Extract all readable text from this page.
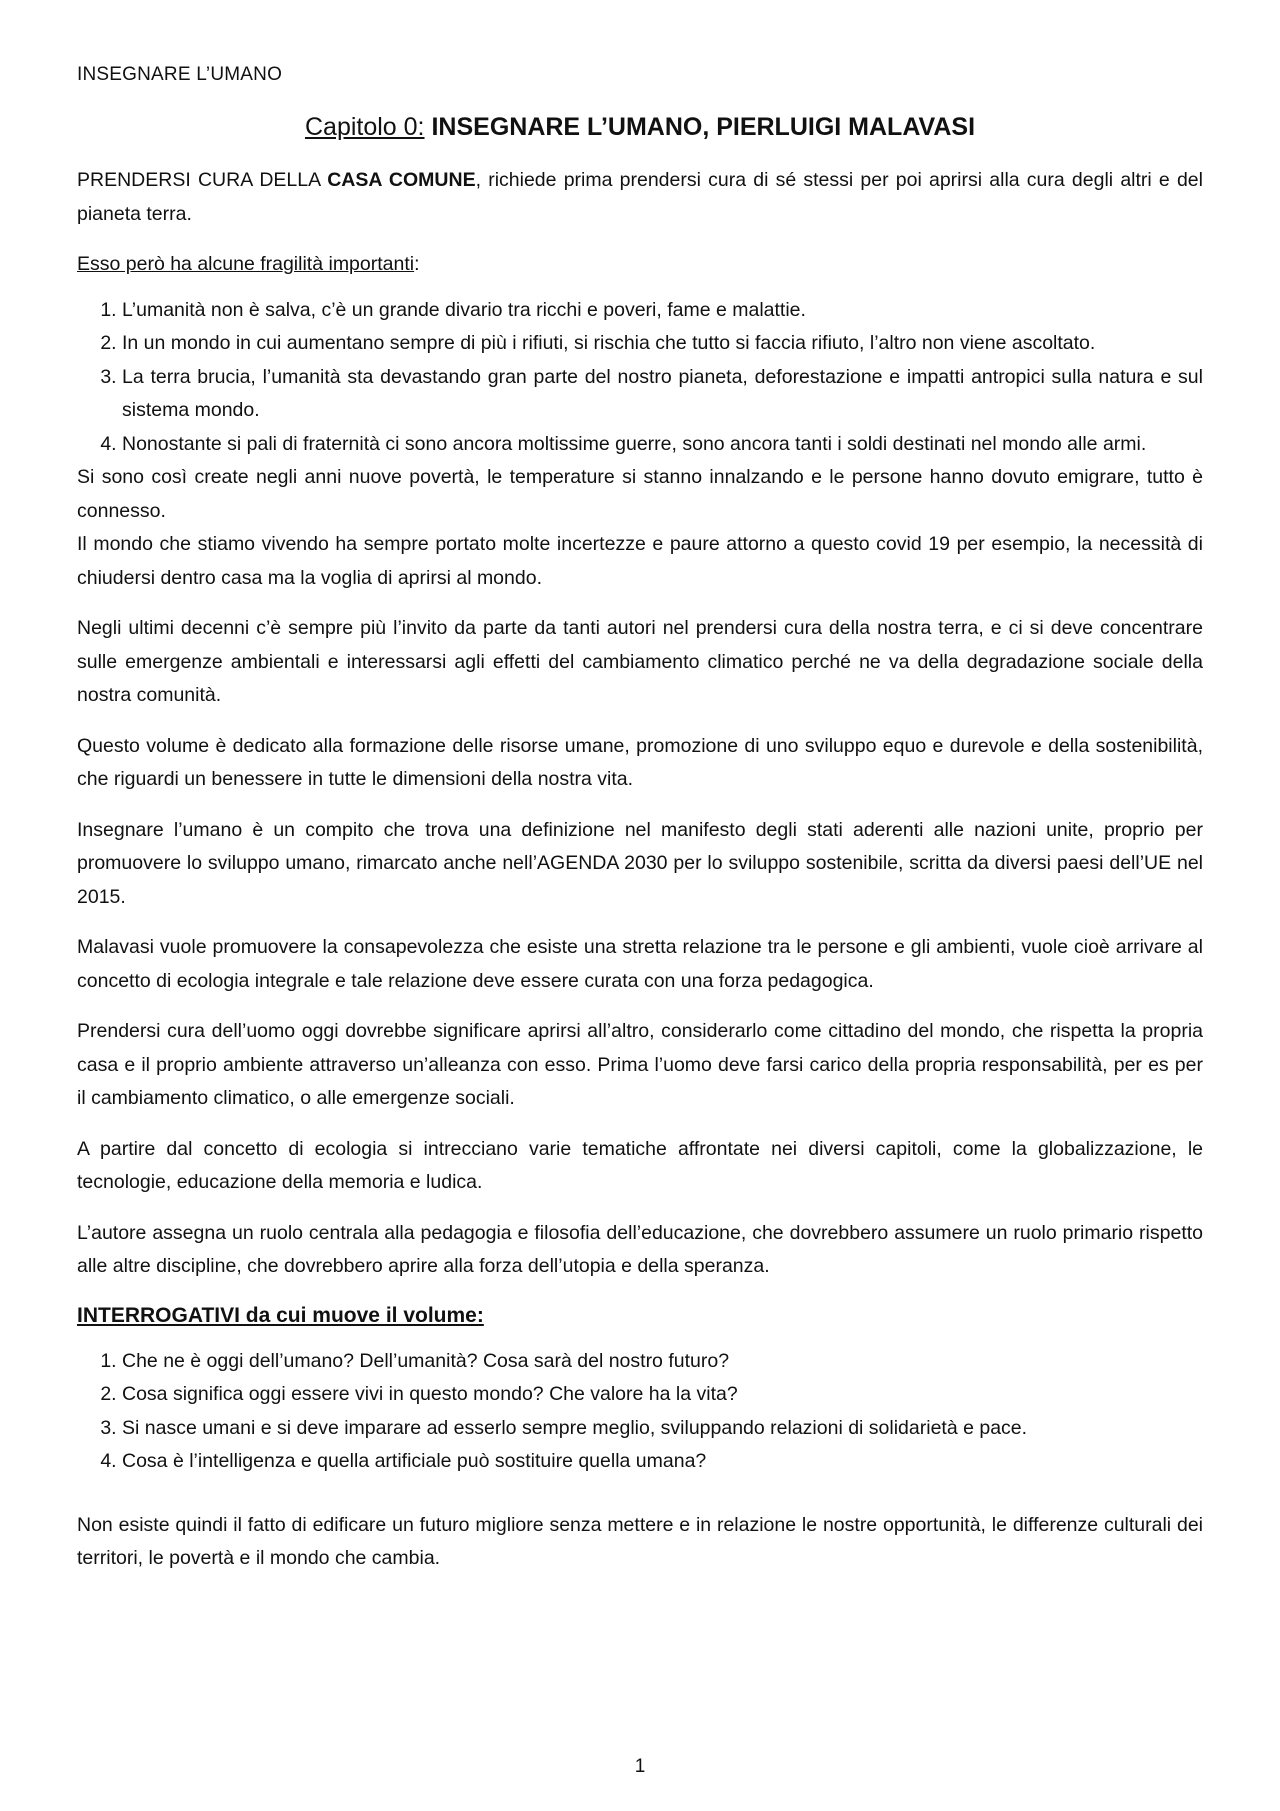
INSEGNARE L’UMANO
Capitolo 0: INSEGNARE L’UMANO, PIERLUIGI MALAVASI

PRENDERSI CURA DELLA CASA COMUNE, richiede prima prendersi cura di sé stessi per poi aprirsi alla cura degli altri e del pianeta terra.

Esso però ha alcune fragilità importanti:

1. L’umanità non è salva, c’è un grande divario tra ricchi e poveri, fame e malattie.
2. In un mondo in cui aumentano sempre di più i rifiuti, si rischia che tutto si faccia rifiuto, l’altro non viene ascoltato.
3. La terra brucia, l’umanità sta devastando gran parte del nostro pianeta, deforestazione e impatti antropici sulla natura e sul sistema mondo.
4. Nonostante si pali di fraternità ci sono ancora moltissime guerre, sono ancora tanti i soldi destinati nel mondo alle armi.

Si sono così create negli anni nuove povertà, le temperature si stanno innalzando e le persone hanno dovuto emigrare, tutto è connesso.

Il mondo che stiamo vivendo ha sempre portato molte incertezze e paure attorno a questo covid 19 per esempio, la necessità di chiudersi dentro casa ma la voglia di aprirsi al mondo.

Negli ultimi decenni c’è sempre più l’invito da parte da tanti autori nel prendersi cura della nostra terra, e ci si deve concentrare sulle emergenze ambientali e interessarsi agli effetti del cambiamento climatico perché ne va della degradazione sociale della nostra comunità.

Questo volume è dedicato alla formazione delle risorse umane, promozione di uno sviluppo equo e durevole e della sostenibilità, che riguardi un benessere in tutte le dimensioni della nostra vita.

Insegnare l’umano è un compito che trova una definizione nel manifesto degli stati aderenti alle nazioni unite, proprio per promuovere lo sviluppo umano, rimarcato anche nell’AGENDA 2030 per lo sviluppo sostenibile, scritta da diversi paesi dell’UE nel 2015.

Malavasi vuole promuovere la consapevolezza che esiste una stretta relazione tra le persone e gli ambienti, vuole cioè arrivare al concetto di ecologia integrale e tale relazione deve essere curata con una forza pedagogica.

Prendersi cura dell’uomo oggi dovrebbe significare aprirsi all’altro, considerarlo come cittadino del mondo, che rispetta la propria casa e il proprio ambiente attraverso un’alleanza con esso. Prima l’uomo deve farsi carico della propria responsabilità, per es per il cambiamento climatico, o alle emergenze sociali.

A partire dal concetto di ecologia si intrecciano varie tematiche affrontate nei diversi capitoli, come la globalizzazione, le tecnologie, educazione della memoria e ludica.

L’autore assegna un ruolo centrala alla pedagogia e filosofia dell’educazione, che dovrebbero assumere un ruolo primario rispetto alle altre discipline, che dovrebbero aprire alla forza dell’utopia e della speranza.

INTERROGATIVI da cui muove il volume:
1. Che ne è oggi dell’umano? Dell’umanità? Cosa sarà del nostro futuro?
2. Cosa significa oggi essere vivi in questo mondo? Che valore ha la vita?
3. Si nasce umani e si deve imparare ad esserlo sempre meglio, sviluppando relazioni di solidarietà e pace.
4. Cosa è l’intelligenza e quella artificiale può sostituire quella umana?

Non esiste quindi il fatto di edificare un futuro migliore senza mettere e in relazione le nostre opportunità, le differenze culturali dei territori, le povertà e il mondo che cambia.

1
